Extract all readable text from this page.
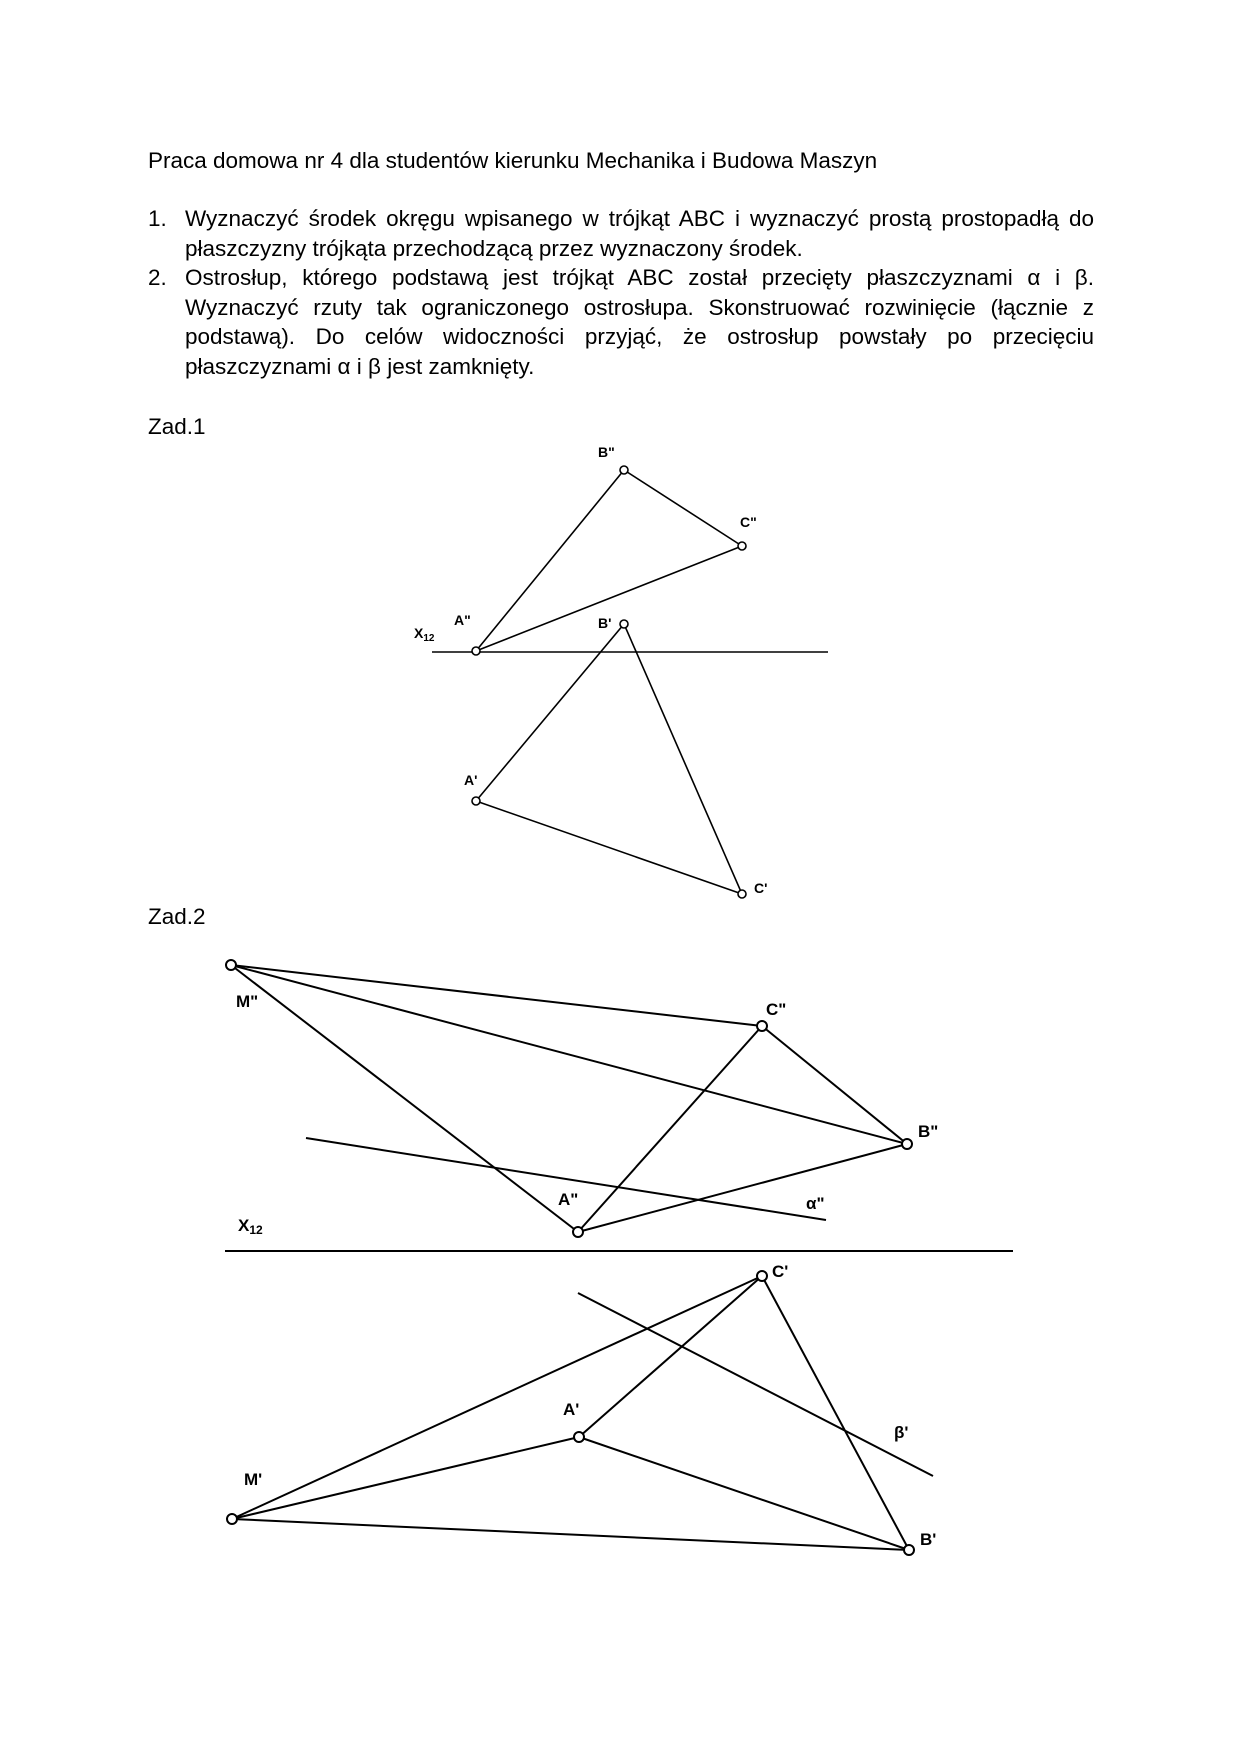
Praca domowa nr 4 dla studentów kierunku Mechanika i Budowa Maszyn
1. Wyznaczyć środek okręgu wpisanego w trójkąt ABC i wyznaczyć prostą prostopadłą do płaszczyzny trójkąta przechodzącą przez wyznaczony środek.
2. Ostrosłup, którego podstawą jest trójkąt ABC został przecięty płaszczyznami α i β. Wyznaczyć rzuty tak ograniczonego ostrosłupa. Skonstruować rozwinięcie (łącznie z podstawą). Do celów widoczności przyjąć, że ostrosłup powstały po przecięciu płaszczyznami α i β jest zamknięty.
Zad.1
Zad.2
B"
C"
A"	B'
A'
C'
$X_{12}$
M"	C"
B"
A"	α"
X12
C'
A'
β'
M'
B'
